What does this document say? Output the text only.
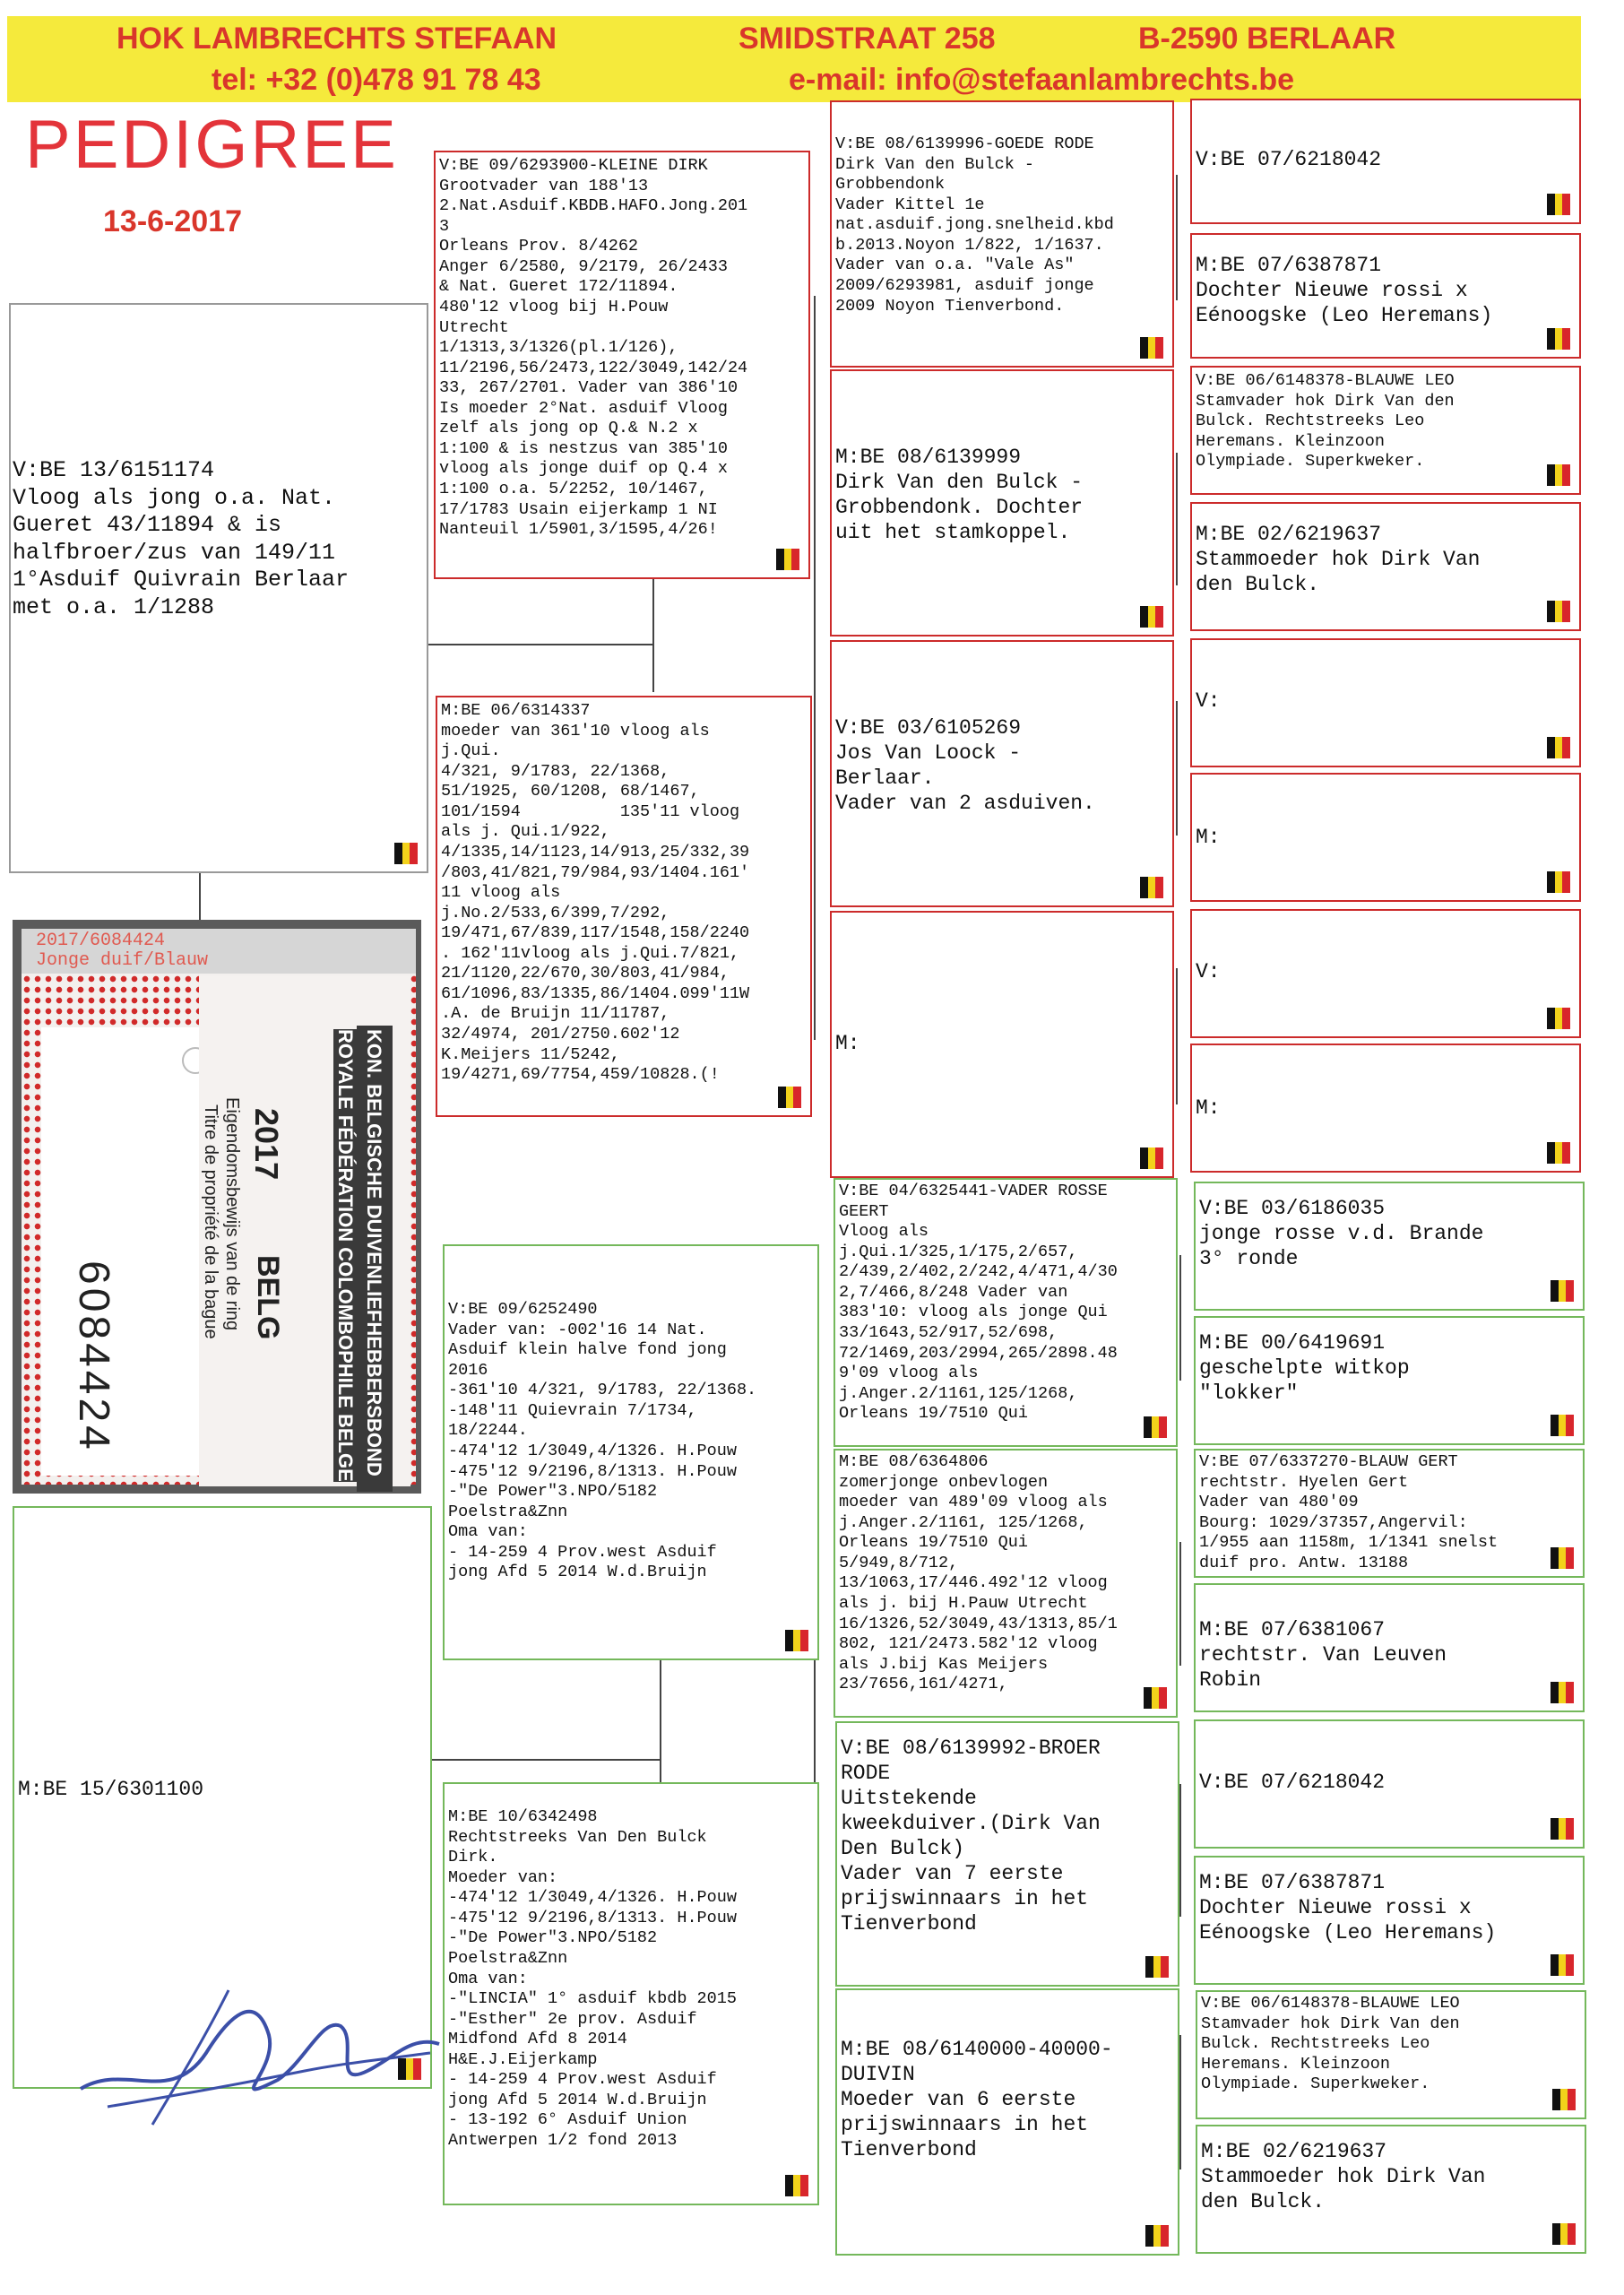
HOK LAMBRECHTS STEFAAN	SMIDSTRAAT 258	B-2590 BERLAAR
tel: +32 (0)478 91 78 43	e-mail: info@stefaanlambrechts.be
PEDIGREE
13-6-2017
V:BE 13/6151174
Vloog als jong o.a. Nat.
Gueret 43/11894 & is
halfbroer/zus van 149/11
1°Asduif Quivrain Berlaar
met o.a. 1/1288
2017/6084424
Jonge duif/Blauw
6084424
2017
BELG
Eigendomsbewijs van de ring
Titre de propriété de la bague	KON. BELGISCHE DUIVENLIEFHEBBERSBOND
ROYALE FÉDÉRATION COLOMBOPHILE BELGE
M:BE 15/6301100
V:BE 09/6293900-KLEINE DIRK
Grootvader van 188'13
2.Nat.Asduif.KBDB.HAFO.Jong.201
3
Orleans Prov. 8/4262
Anger 6/2580, 9/2179, 26/2433
& Nat. Gueret 172/11894.
480'12 vloog bij H.Pouw
Utrecht
1/1313,3/1326(pl.1/126),
11/2196,56/2473,122/3049,142/24
33, 267/2701. Vader van 386'10
Is moeder 2°Nat. asduif Vloog
zelf als jong op Q.& N.2 x
1:100 & is nestzus van 385'10
vloog als jonge duif op Q.4 x
1:100 o.a. 5/2252, 10/1467,
17/1783 Usain eijerkamp 1 NI
Nanteuil 1/5901,3/1595,4/26!
M:BE 06/6314337
moeder van 361'10 vloog als
j.Qui.
4/321, 9/1783, 22/1368,
51/1925, 60/1208, 68/1467,
101/1594          135'11 vloog
als j. Qui.1/922,
4/1335,14/1123,14/913,25/332,39
/803,41/821,79/984,93/1404.161'
11 vloog als
j.No.2/533,6/399,7/292,
19/471,67/839,117/1548,158/2240
. 162'11vloog als j.Qui.7/821,
21/1120,22/670,30/803,41/984,
61/1096,83/1335,86/1404.099'11W
.A. de Bruijn 11/11787,
32/4974, 201/2750.602'12
K.Meijers 11/5242,
19/4271,69/7754,459/10828.(!
V:BE 09/6252490
Vader van: -002'16 14 Nat.
Asduif klein halve fond jong
2016
-361'10 4/321, 9/1783, 22/1368.
-148'11 Quievrain 7/1734,
18/2244.
-474'12 1/3049,4/1326. H.Pouw
-475'12 9/2196,8/1313. H.Pouw
-"De Power"3.NPO/5182
Poelstra&Znn
Oma van:
- 14-259 4 Prov.west Asduif
jong Afd 5 2014 W.d.Bruijn
M:BE 10/6342498
Rechtstreeks Van Den Bulck
Dirk.
Moeder van:
-474'12 1/3049,4/1326. H.Pouw
-475'12 9/2196,8/1313. H.Pouw
-"De Power"3.NPO/5182
Poelstra&Znn
Oma van:
-"LINCIA" 1° asduif kbdb 2015
-"Esther" 2e prov. Asduif
Midfond Afd 8 2014
H&E.J.Eijerkamp
- 14-259 4 Prov.west Asduif
jong Afd 5 2014 W.d.Bruijn
- 13-192 6° Asduif Union
Antwerpen 1/2 fond 2013
V:BE 08/6139996-GOEDE RODE
Dirk Van den Bulck -
Grobbendonk
Vader Kittel 1e
nat.asduif.jong.snelheid.kbd
b.2013.Noyon 1/822, 1/1637.
Vader van o.a. "Vale As"
2009/6293981, asduif jonge
2009 Noyon Tienverbond.
M:BE 08/6139999
Dirk Van den Bulck -
Grobbendonk. Dochter
uit het stamkoppel.
V:BE 03/6105269
Jos Van Loock -
Berlaar.
Vader van 2 asduiven.
M:
V:BE 04/6325441-VADER ROSSE
GEERT
Vloog als
j.Qui.1/325,1/175,2/657,
2/439,2/402,2/242,4/471,4/30
2,7/466,8/248 Vader van
383'10: vloog als jonge Qui
33/1643,52/917,52/698,
72/1469,203/2994,265/2898.48
9'09 vloog als
j.Anger.2/1161,125/1268,
Orleans 19/7510 Qui
M:BE 08/6364806
zomerjonge onbevlogen
moeder van 489'09 vloog als
j.Anger.2/1161, 125/1268,
Orleans 19/7510 Qui
5/949,8/712,
13/1063,17/446.492'12 vloog
als j. bij H.Pauw Utrecht
16/1326,52/3049,43/1313,85/1
802, 121/2473.582'12 vloog
als J.bij Kas Meijers
23/7656,161/4271,
V:BE 08/6139992-BROER
RODE
Uitstekende
kweekduiver.(Dirk Van
Den Bulck)
Vader van 7 eerste
prijswinnaars in het
Tienverbond
M:BE 08/6140000-40000-
DUIVIN
Moeder van 6 eerste
prijswinnaars in het
Tienverbond
V:BE 07/6218042
M:BE 07/6387871
Dochter Nieuwe rossi x
Eénoogske (Leo Heremans)
V:BE 06/6148378-BLAUWE LEO
Stamvader hok Dirk Van den
Bulck. Rechtstreeks Leo
Heremans. Kleinzoon
Olympiade. Superkweker.
M:BE 02/6219637
Stammoeder hok Dirk Van
den Bulck.
V:
M:
V:
M:
V:BE 03/6186035
jonge rosse v.d. Brande
3° ronde
M:BE 00/6419691
geschelpte witkop
"lokker"
V:BE 07/6337270-BLAUW GERT
rechtstr. Hyelen Gert
Vader van 480'09
Bourg: 1029/37357,Angervil:
1/955 aan 1158m, 1/1341 snelst
duif pro. Antw. 13188
M:BE 07/6381067
rechtstr. Van Leuven
Robin
V:BE 07/6218042
M:BE 07/6387871
Dochter Nieuwe rossi x
Eénoogske (Leo Heremans)
V:BE 06/6148378-BLAUWE LEO
Stamvader hok Dirk Van den
Bulck. Rechtstreeks Leo
Heremans. Kleinzoon
Olympiade. Superkweker.
M:BE 02/6219637
Stammoeder hok Dirk Van
den Bulck.
